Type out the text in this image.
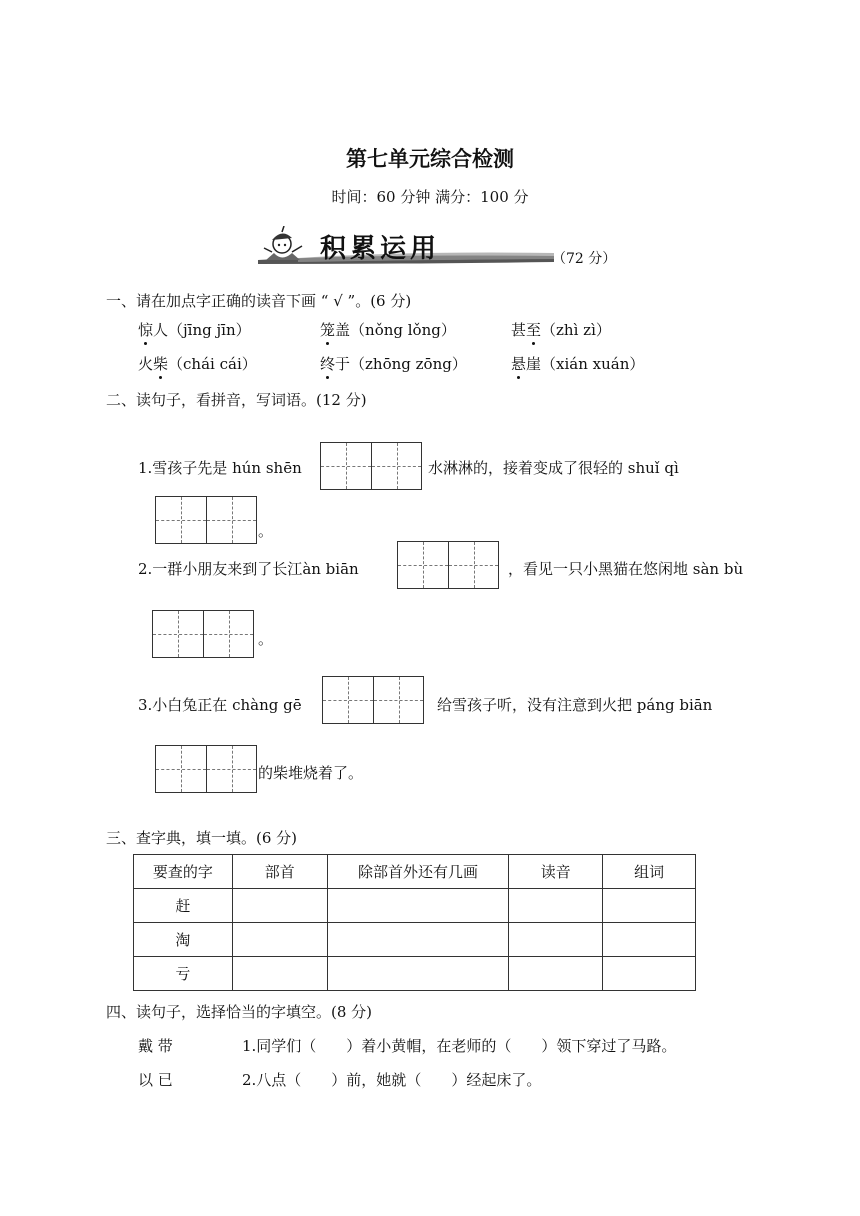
第七单元综合检测
时间：60 分钟 满分：100 分
积累运用	（72 分）
一、请在加点字正确的读音下画 “ √ ”。(6 分)
惊人（jīng jīn）	笼盖（nǒng lǒng）	甚至（zhì zì）
火柴（chái cái）	终于（zhōng zōng）	悬崖（xián xuán）
二、读句子，看拼音，写词语。(12 分)
1.雪孩子先是 hún shēn	水淋淋的，接着变成了很轻的 shuǐ qì
。
2.一群小朋友来到了长江àn biān	，看见一只小黑猫在悠闲地 sàn bù
。
3.小白兔正在 chàng gē	给雪孩子听，没有注意到火把 páng biān
的柴堆烧着了。
三、查字典，填一填。(6 分)
要查的字	部首	除部首外还有几画	读音	组词
赶				
淘				
亏				
四、读句子，选择恰当的字填空。(8 分)
戴 带	1.同学们（　　）着小黄帽，在老师的（　　）领下穿过了马路。
以 已	2.八点（　　）前，她就（　　）经起床了。
